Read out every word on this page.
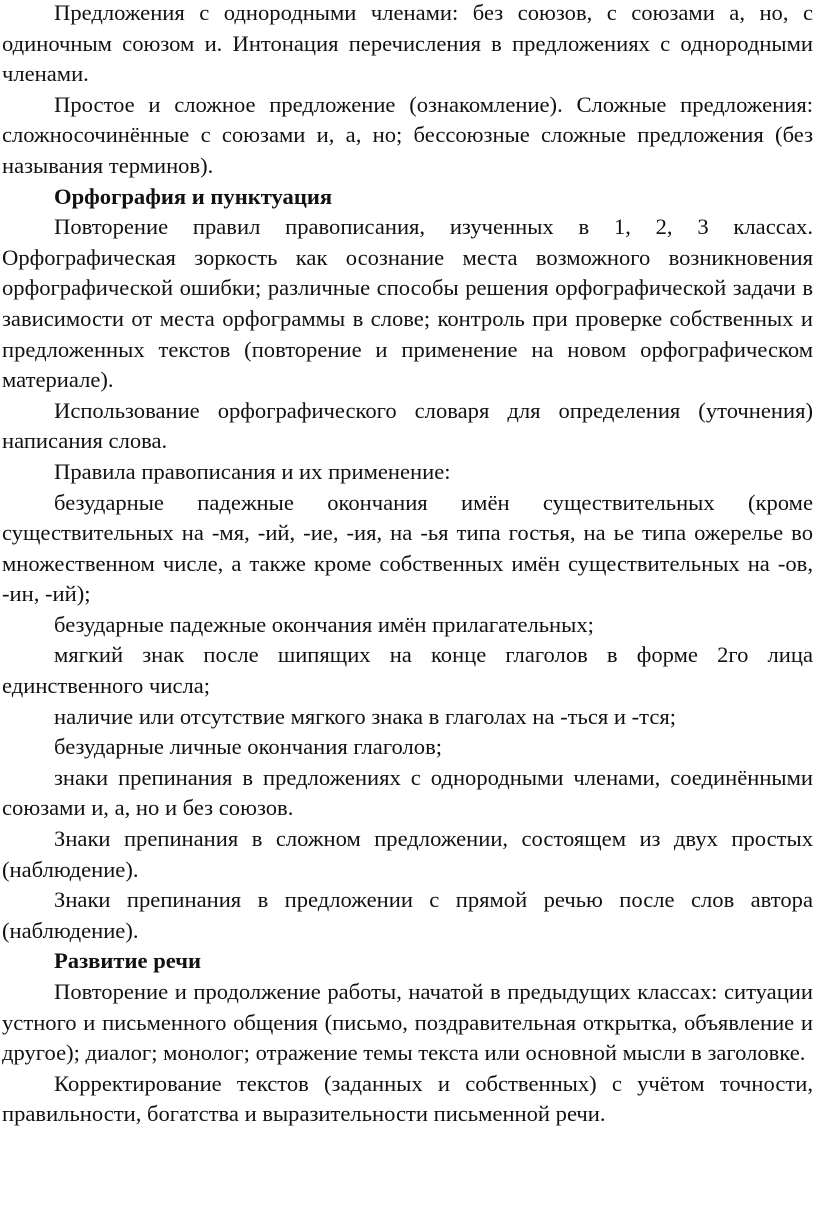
Предложения с однородными членами: без союзов, с союзами а, но, с одиночным союзом и. Интонация перечисления в предложениях с однородными членами.

Простое и сложное предложение (ознакомление). Сложные предложения: сложносочинённые с союзами и, а, но; бессоюзные сложные предложения (без называния терминов).

Орфография и пунктуация

Повторение правил правописания, изученных в 1, 2, 3 классах. Орфографическая зоркость как осознание места возможного возникновения орфографической ошибки; различные способы решения орфографической задачи в зависимости от места орфограммы в слове; контроль при проверке собственных и предложенных текстов (повторение и применение на новом орфографическом материале).

Использование орфографического словаря для определения (уточнения) написания слова.

Правила правописания и их применение:

безударные падежные окончания имён существительных (кроме существительных на -мя, -ий, -ие, -ия, на -ья типа гостья, на ье типа ожерелье во множественном числе, а также кроме собственных имён существительных на -ов, -ин, -ий);

безударные падежные окончания имён прилагательных;

мягкий знак после шипящих на конце глаголов в форме 2го лица единственного числа;

наличие или отсутствие мягкого знака в глаголах на -ться и -тся;

безударные личные окончания глаголов;

знаки препинания в предложениях с однородными членами, соединёнными союзами и, а, но и без союзов.

Знаки препинания в сложном предложении, состоящем из двух простых (наблюдение).

Знаки препинания в предложении с прямой речью после слов автора (наблюдение).

Развитие речи

Повторение и продолжение работы, начатой в предыдущих классах: ситуации устного и письменного общения (письмо, поздравительная открытка, объявление и другое); диалог; монолог; отражение темы текста или основной мысли в заголовке.

Корректирование текстов (заданных и собственных) с учётом точности, правильности, богатства и выразительности письменной речи.
